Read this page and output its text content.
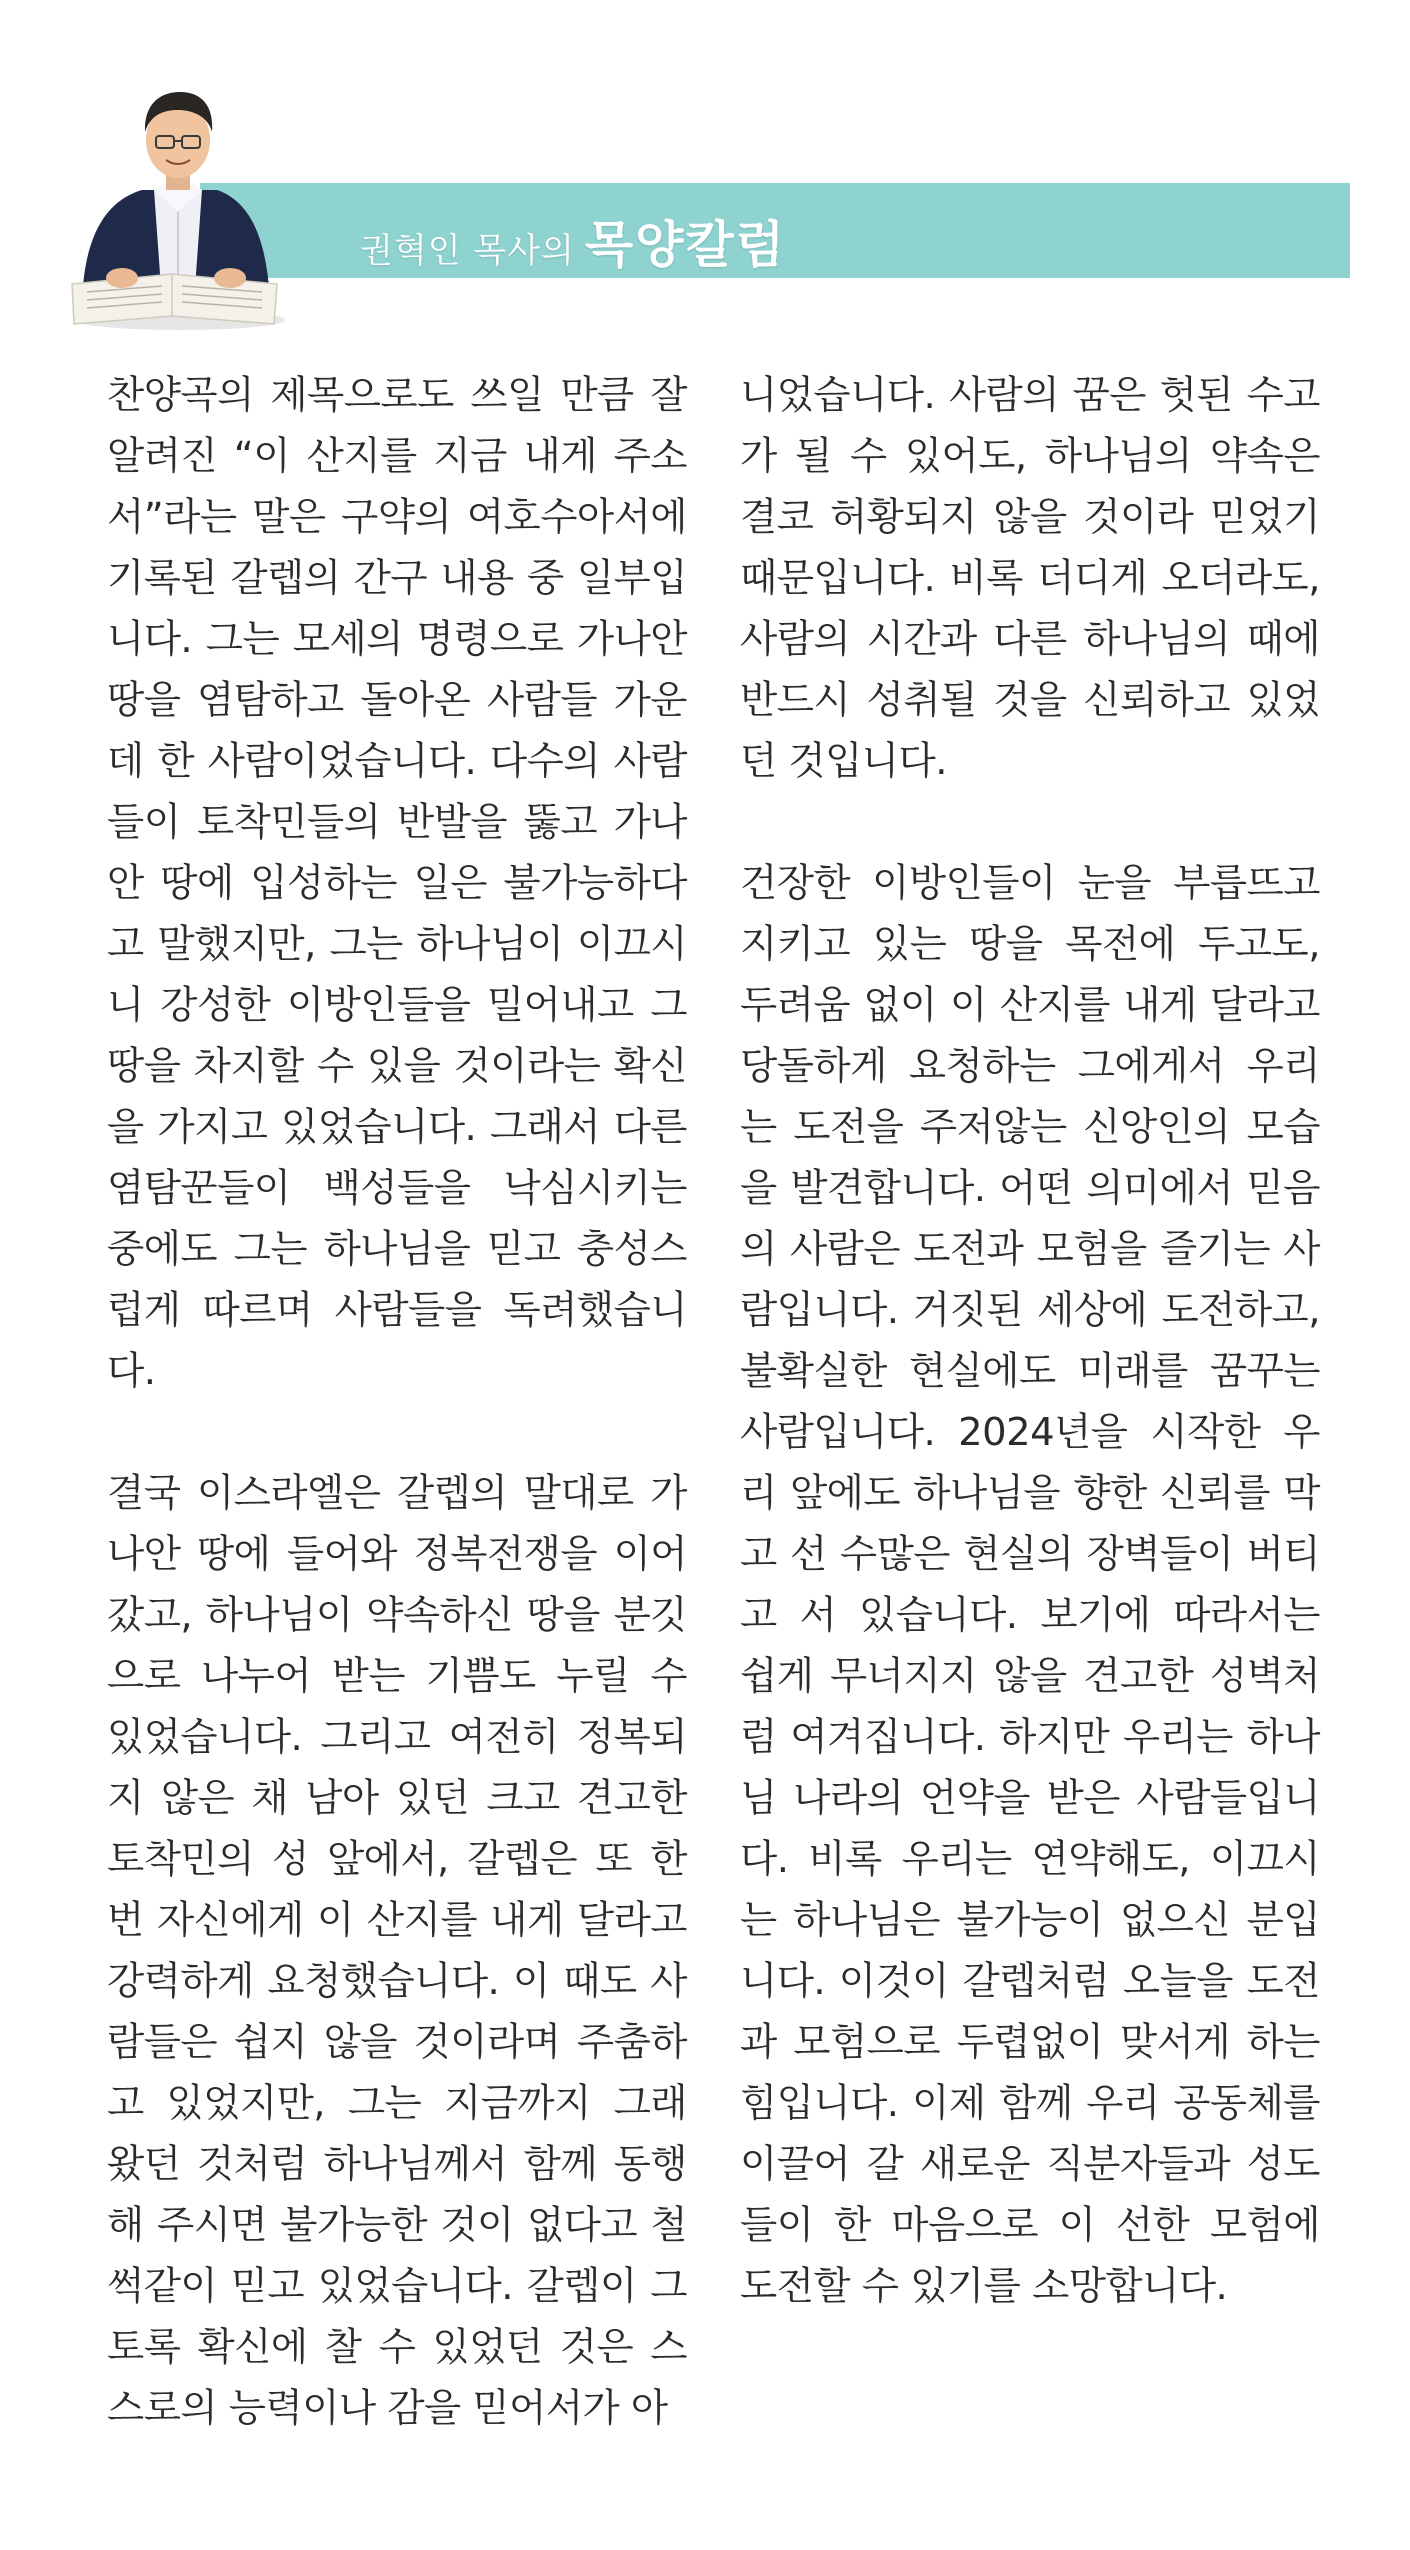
권혁인 목사의 목양칼럼

찬양곡의 제목으로도 쓰일 만큼 잘 알려진 “이 산지를 지금 내게 주소서”라는 말은 구약의 여호수아서에 기록된 갈렙의 간구 내용 중 일부입니다. 그는 모세의 명령으로 가나안 땅을 염탐하고 돌아온 사람들 가운데 한 사람이었습니다. 다수의 사람들이 토착민들의 반발을 뚫고 가나안 땅에 입성하는 일은 불가능하다고 말했지만, 그는 하나님이 이끄시니 강성한 이방인들을 밀어내고 그 땅을 차지할 수 있을 것이라는 확신을 가지고 있었습니다. 그래서 다른 염탐꾼들이 백성들을 낙심시키는 중에도 그는 하나님을 믿고 충성스럽게 따르며 사람들을 독려했습니다.

결국 이스라엘은 갈렙의 말대로 가나안 땅에 들어와 정복전쟁을 이어갔고, 하나님이 약속하신 땅을 분깃으로 나누어 받는 기쁨도 누릴 수 있었습니다. 그리고 여전히 정복되지 않은 채 남아 있던 크고 견고한 토착민의 성 앞에서, 갈렙은 또 한 번 자신에게 이 산지를 내게 달라고 강력하게 요청했습니다. 이 때도 사람들은 쉽지 않을 것이라며 주춤하고 있었지만, 그는 지금까지 그래 왔던 것처럼 하나님께서 함께 동행해 주시면 불가능한 것이 없다고 철썩같이 믿고 있었습니다. 갈렙이 그토록 확신에 찰 수 있었던 것은 스스로의 능력이나 감을 믿어서가 아

니었습니다. 사람의 꿈은 헛된 수고가 될 수 있어도, 하나님의 약속은 결코 허황되지 않을 것이라 믿었기 때문입니다. 비록 더디게 오더라도, 사람의 시간과 다른 하나님의 때에 반드시 성취될 것을 신뢰하고 있었던 것입니다.

건장한 이방인들이 눈을 부릅뜨고 지키고 있는 땅을 목전에 두고도, 두려움 없이 이 산지를 내게 달라고 당돌하게 요청하는 그에게서 우리는 도전을 주저않는 신앙인의 모습을 발견합니다. 어떤 의미에서 믿음의 사람은 도전과 모험을 즐기는 사람입니다. 거짓된 세상에 도전하고, 불확실한 현실에도 미래를 꿈꾸는 사람입니다. 2024년을 시작한 우리 앞에도 하나님을 향한 신뢰를 막고 선 수많은 현실의 장벽들이 버티고 서 있습니다. 보기에 따라서는 쉽게 무너지지 않을 견고한 성벽처럼 여겨집니다. 하지만 우리는 하나님 나라의 언약을 받은 사람들입니다. 비록 우리는 연약해도, 이끄시는 하나님은 불가능이 없으신 분입니다. 이것이 갈렙처럼 오늘을 도전과 모험으로 두렵없이 맞서게 하는 힘입니다. 이제 함께 우리 공동체를 이끌어 갈 새로운 직분자들과 성도들이 한 마음으로 이 선한 모험에 도전할 수 있기를 소망합니다.
